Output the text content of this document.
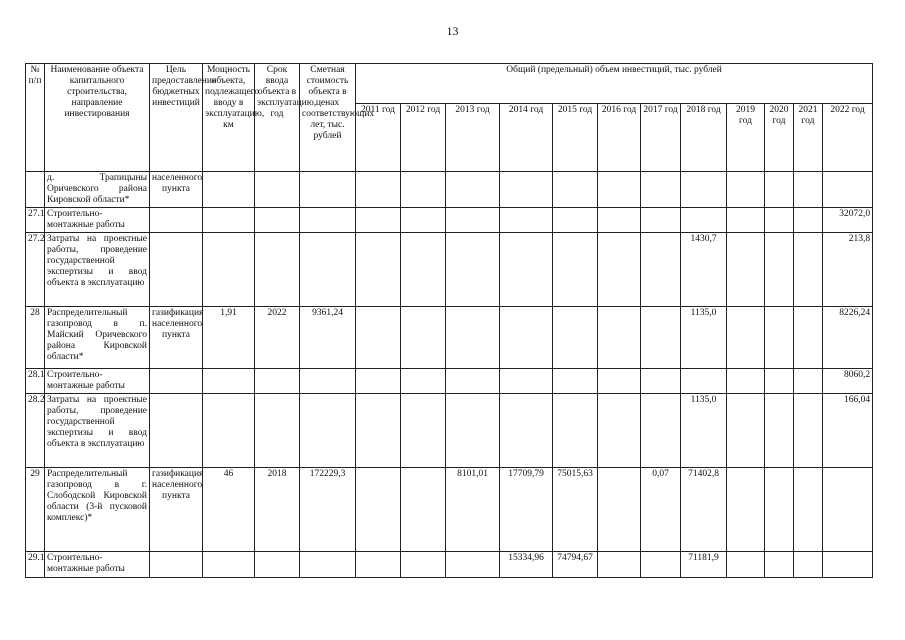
13
№ п/п	Наименование объекта капитального строительства, направление инвестирования	Цель предоставления бюджетных инвестиций	Мощность объекта, подлежащего вводу в эксплуатацию, км	Срок ввода объекта в эксплуатацию, год	Сметная стоимость объекта в ценах соответствующих лет, тыс. рублей	Общий (предельный) объем инвестиций, тыс. рублей											
						2011 год	2012 год	2013 год	2014 год	2015 год	2016 год	2017 год	2018 год	2019 год	2020 год	2021 год	2022 год
	д. Трапицыны Оричевского района Кировской области*	населенного пункта															
27.1	Строительно-монтажные работы																32072,0
27.2	Затраты на проектные работы, проведение государственной экспертизы и ввод объекта в эксплуатацию												1430,7				213,8
28	Распределительный газопровод в п. Майский Оричевского района Кировской области*	газификация населенного пункта	1,91	2022	9361,24								1135,0				8226,24
28.1	Строительно-монтажные работы																8060,2
28.2	Затраты на проектные работы, проведение государственной экспертизы и ввод объекта в эксплуатацию												1135,0				166,04
29	Распределительный газопровод в г. Слободской Кировской области (3-й пусковой комплекс)*	газификация населенного пункта	46	2018	172229,3			8101,01	17709,79	75015,63		0,07	71402,8				
29.1	Строительно-монтажные работы								15334,96	74794,67			71181,9				
